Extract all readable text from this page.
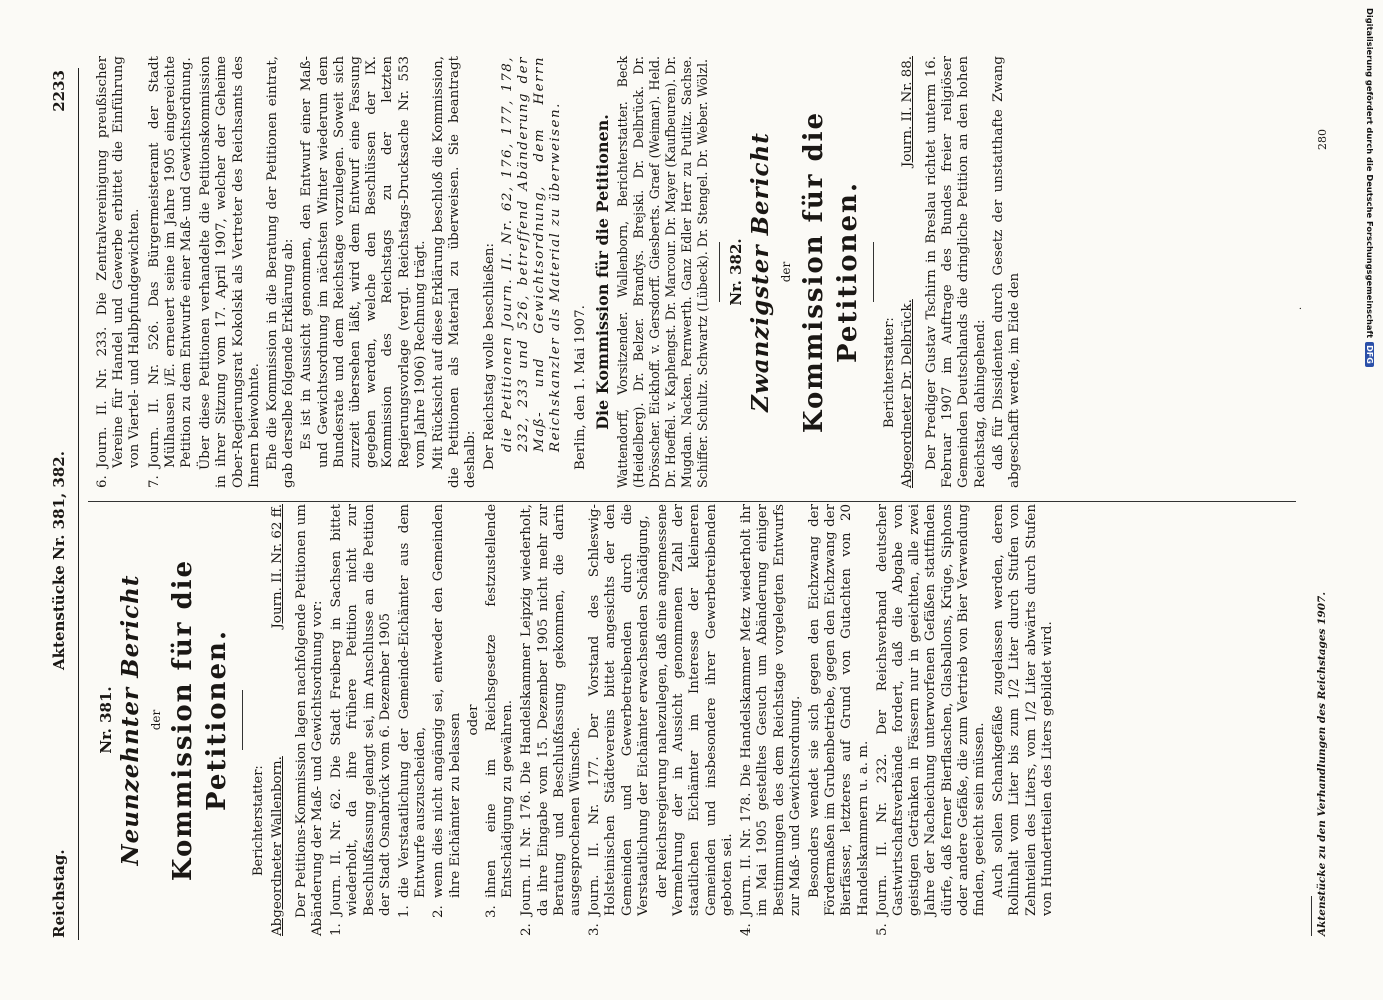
Reichstag.
Aktenstücke Nr. 381, 382.
2233
Nr. 381. Neunzehnter Bericht der Kommission für die Petitionen.
Berichterstatter: Abgeordneter Wallenborn.
Journ. II. Nr. 62 ff. Der Petitions-Kommission lagen nachfolgende Petitionen um Abänderung der Maß- und Gewichtsordnung vor: 1.
Journ. II. Nr. 62. Die Stadt Freiberg in Sachsen bittet wiederholt, da ihre frühere Petition nicht zur Beschlußfassung gelangt sei, im Anschlusse an die Petition der Stadt Osnabrück vom 6. Dezember 1905 1.
die Verstaatlichung der Gemeinde-Eichämter aus dem Entwurfe auszuscheiden,
2.
wenn dies nicht angängig sei, entweder den Gemeinden ihre Eichämter zu belassen oder
3.
ihnen eine im Reichsgesetze festzustellende Entschädigung zu gewähren.
2.
Journ. II. Nr. 176. Die Handelskammer Leipzig wiederholt, da ihre Eingabe vom 15. Dezember 1905 nicht mehr zur Beratung und Beschlußfassung gekommen, die darin ausgesprochenen Wünsche.
3.
Journ. II. Nr. 177. Der Vorstand des Schleswig-Holsteinischen Städtevereins bittet angesichts der den Gemeinden und Gewerbetreibenden durch die Verstaatlichung der Eichämter erwachsenden Schädigung, der Reichsregierung nahezulegen, daß eine angemessene Vermehrung der in Aussicht genommenen Zahl der staatlichen Eichämter im Interesse der kleineren Gemeinden und insbesondere ihrer Gewerbetreibenden geboten sei.

4.
Journ. II. Nr. 178. Die Handelskammer Metz wiederholt ihr im Mai 1905 gestelltes Gesuch um Abänderung einiger Bestimmungen des dem Reichstage vorgelegten Entwurfs zur Maß- und Gewichtsordnung. Besonders wendet sie sich gegen den Eichzwang der Fördermaßen im Grubenbetriebe, gegen den Eichzwang der Bierfässer, letzteres auf Grund von Gutachten von 20 Handelskammern u. a. m.

5.
Journ. II. Nr. 232. Der Reichsverband deutscher Gastwirtschaftsverbände fordert, daß die Abgabe von geistigen Getränken in Fässern nur in geeichten, alle zwei Jahre der Nacheichung unterworfenen Gefäßen stattfinden dürfe, daß ferner Bierflaschen, Glasballons, Krüge, Siphons oder andere Gefäße, die zum Vertrieb von Bier Verwendung finden, geeicht sein müssen. Auch sollen Schankgefäße zugelassen werden, deren Rollinhalt vom Liter bis zum 1/2 Liter durch Stufen von Zehnteilen des Liters, vom 1/2 Liter abwärts durch Stufen von Hundertteilen des Liters gebildet wird.

6.
Journ. II. Nr. 233. Die Zentralvereinigung preußischer Vereine für Handel und Gewerbe erbittet die Einführung von Viertel- und Halbpfundgewichten.
7.
Journ. II. Nr. 526. Das Bürgermeisteramt der Stadt Mülhausen i/E. erneuert seine im Jahre 1905 eingereichte Petition zu dem Entwurfe einer Maß- und Gewichtsordnung. Über diese Petitionen verhandelte die Petitionskommission in ihrer Sitzung vom 17. April 1907, welcher der Geheime Ober-Regierungsrat Kokolski als Vertreter des Reichsamts des Innern beiwohnte. Ehe die Kommission in die Beratung der Petitionen eintrat, gab derselbe folgende Erklärung ab: Es ist in Aussicht genommen, den Entwurf einer Maß- und Gewichtsordnung im nächsten Winter wiederum dem Bundesrate und dem Reichstage vorzulegen. Soweit sich zurzeit übersehen läßt, wird dem Entwurf eine Fassung gegeben werden, welche den Beschlüssen der IX. Kommission des Reichstags zu der letzten Regierungsvorlage (vergl. Reichstags-Drucksache Nr. 553 vom Jahre 1906) Rechnung trägt. Mit Rücksicht auf diese Erklärung beschloß die Kommission, die Petitionen als Material zu überweisen. Sie beantragt deshalb: Der Reichstag wolle beschließen: die Petitionen Journ. II. Nr. 62, 176, 177, 178, 232, 233 und 526, betreffend Abänderung der Maß- und Gewichtsordnung, dem Herrn Reichskanzler als Material zu überweisen. Berlin, den 1. Mai 1907. Die Kommission für die Petitionen. Wattendorff, Vorsitzender. Wallenborn, Berichterstatter. Beck (Heidelberg). Dr. Belzer. Brandys. Brejski. Dr. Delbrück. Dr. Drösscher. Eickhoff. v. Gersdorff. Giesberts. Graef (Weimar). Held. Dr. Hoeffel. v. Kaphengst. Dr. Marcour. Dr. Mayer (Kaufbeuren). Dr. Mugdan. Nacken. Pernwerth. Ganz Edler Herr zu Putlitz. Sachse. Schiffer. Schultz. Schwartz (Lübeck). Dr. Stengel. Dr. Weber. Wölzl. Nr. 382. Zwanzigster Bericht der Kommission für die Petitionen.
Berichterstatter: Abgeordneter Dr. Delbrück.
Journ. II. Nr. 88. Der Prediger Gustav Tschirn in Breslau richtet unterm 16. Februar 1907 im Auftrage des Bundes freier religiöser Gemeinden Deutschlands die dringliche Petition an den hohen Reichstag, dahingehend: daß für Dissidenten durch Gesetz der unstatthafte Zwang abgeschafft werde, im Eide den

Aktenstücke zu den Verhandlungen des Reichstages 1907.
·
280	Digitalisierung gefördert durch die Deutsche Forschungsgemeinschaft
DFG
